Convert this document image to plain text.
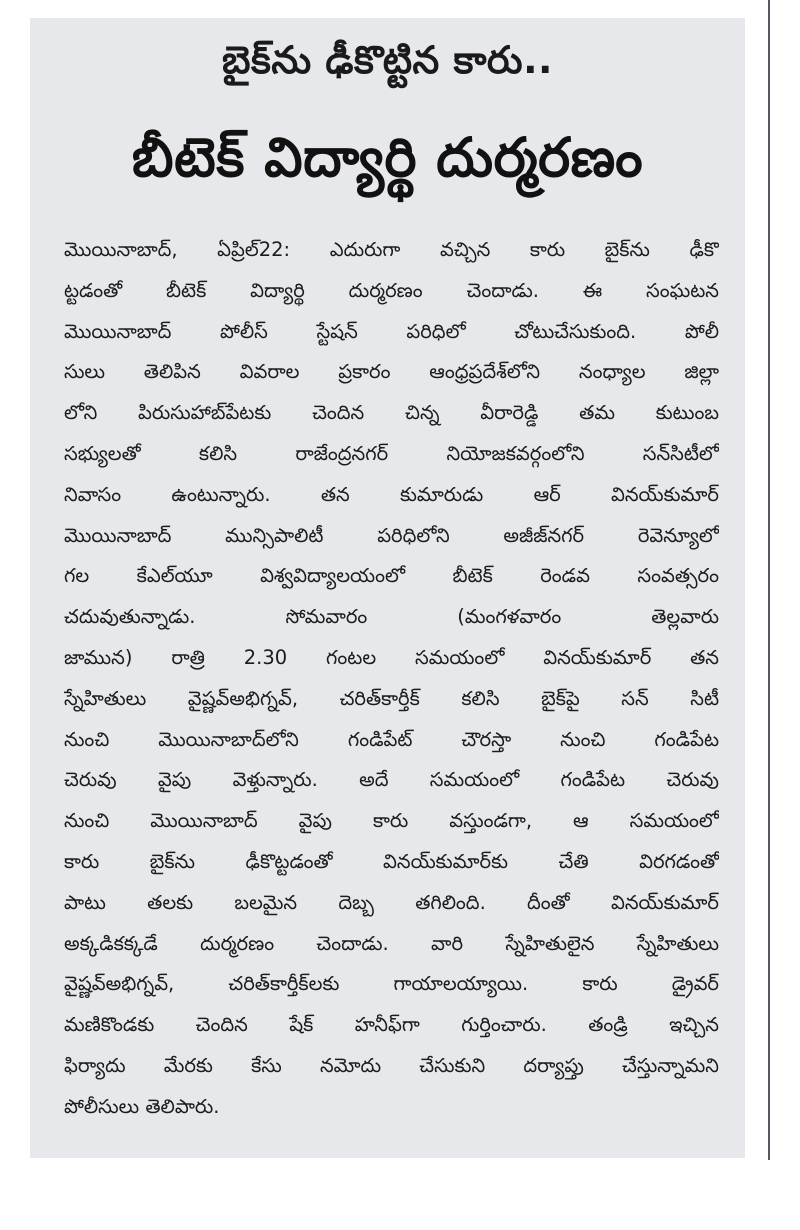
బైక్‌ను ఢీకొట్టిన కారు..
బీటెక్ విద్యార్థి దుర్మరణం
మొయినాబాద్, ఏప్రిల్22: ఎదురుగా వచ్చిన కారు బైక్‌ను ఢీకొ
ట్టడంతో బీటెక్ విద్యార్థి దుర్మరణం చెందాడు. ఈ సంఘటన
మొయినాబాద్ పోలీస్ స్టేషన్ పరిధిలో చోటుచేసుకుంది. పోలీ
సులు తెలిపిన వివరాల ప్రకారం ఆంధ్రప్రదేశ్‌లోని నంధ్యాల జిల్లా
లోని పిరుసుహాబ్‌పేటకు చెందిన చిన్న వీరారెడ్డి తమ కుటుంబ
సభ్యులతో కలిసి రాజేంద్రనగర్ నియోజకవర్గంలోని సన్‌సిటీలో
నివాసం ఉంటున్నారు. తన కుమారుడు ఆర్ వినయ్‌కుమార్
మొయినాబాద్ మున్సిపాలిటీ పరిధిలోని అజీజ్‌నగర్ రెవెన్యూలో
గల కేఎల్‌యూ విశ్వవిద్యాలయంలో బీటెక్ రెండవ సంవత్సరం
చదువుతున్నాడు. సోమవారం (మంగళవారం తెల్లవారు
జామున) రాత్రి 2.30 గంటల సమయంలో వినయ్‌కుమార్ తన
స్నేహితులు వైష్ణవ్‌అభిగ్నవ్, చరిత్‌కార్తీక్ కలిసి బైక్‌పై సన్ సిటీ
నుంచి మొయినాబాద్‌లోని గండిపేట్ చౌరస్తా నుంచి గండిపేట
చెరువు వైపు వెళ్తున్నారు. అదే సమయంలో గండిపేట చెరువు
నుంచి మొయినాబాద్ వైపు కారు వస్తుండగా, ఆ సమయంలో
కారు బైక్‌ను ఢీకొట్టడంతో వినయ్‌కుమార్‌కు చేతి విరగడంతో
పాటు తలకు బలమైన దెబ్బ తగిలింది. దీంతో వినయ్‌కుమార్
అక్కడికక్కడే దుర్మరణం చెందాడు. వారి స్నేహితులైన స్నేహితులు
వైష్ణవ్‌అభిగ్నవ్, చరిత్‌కార్తీక్‌లకు గాయాలయ్యాయి. కారు డ్రైవర్
మణికొండకు చెందిన షేక్ హనీఫ్‌గా గుర్తించారు. తండ్రి ఇచ్చిన
ఫిర్యాదు మేరకు కేసు నమోదు చేసుకుని దర్యాప్తు చేస్తున్నామని
పోలీసులు తెలిపారు.
